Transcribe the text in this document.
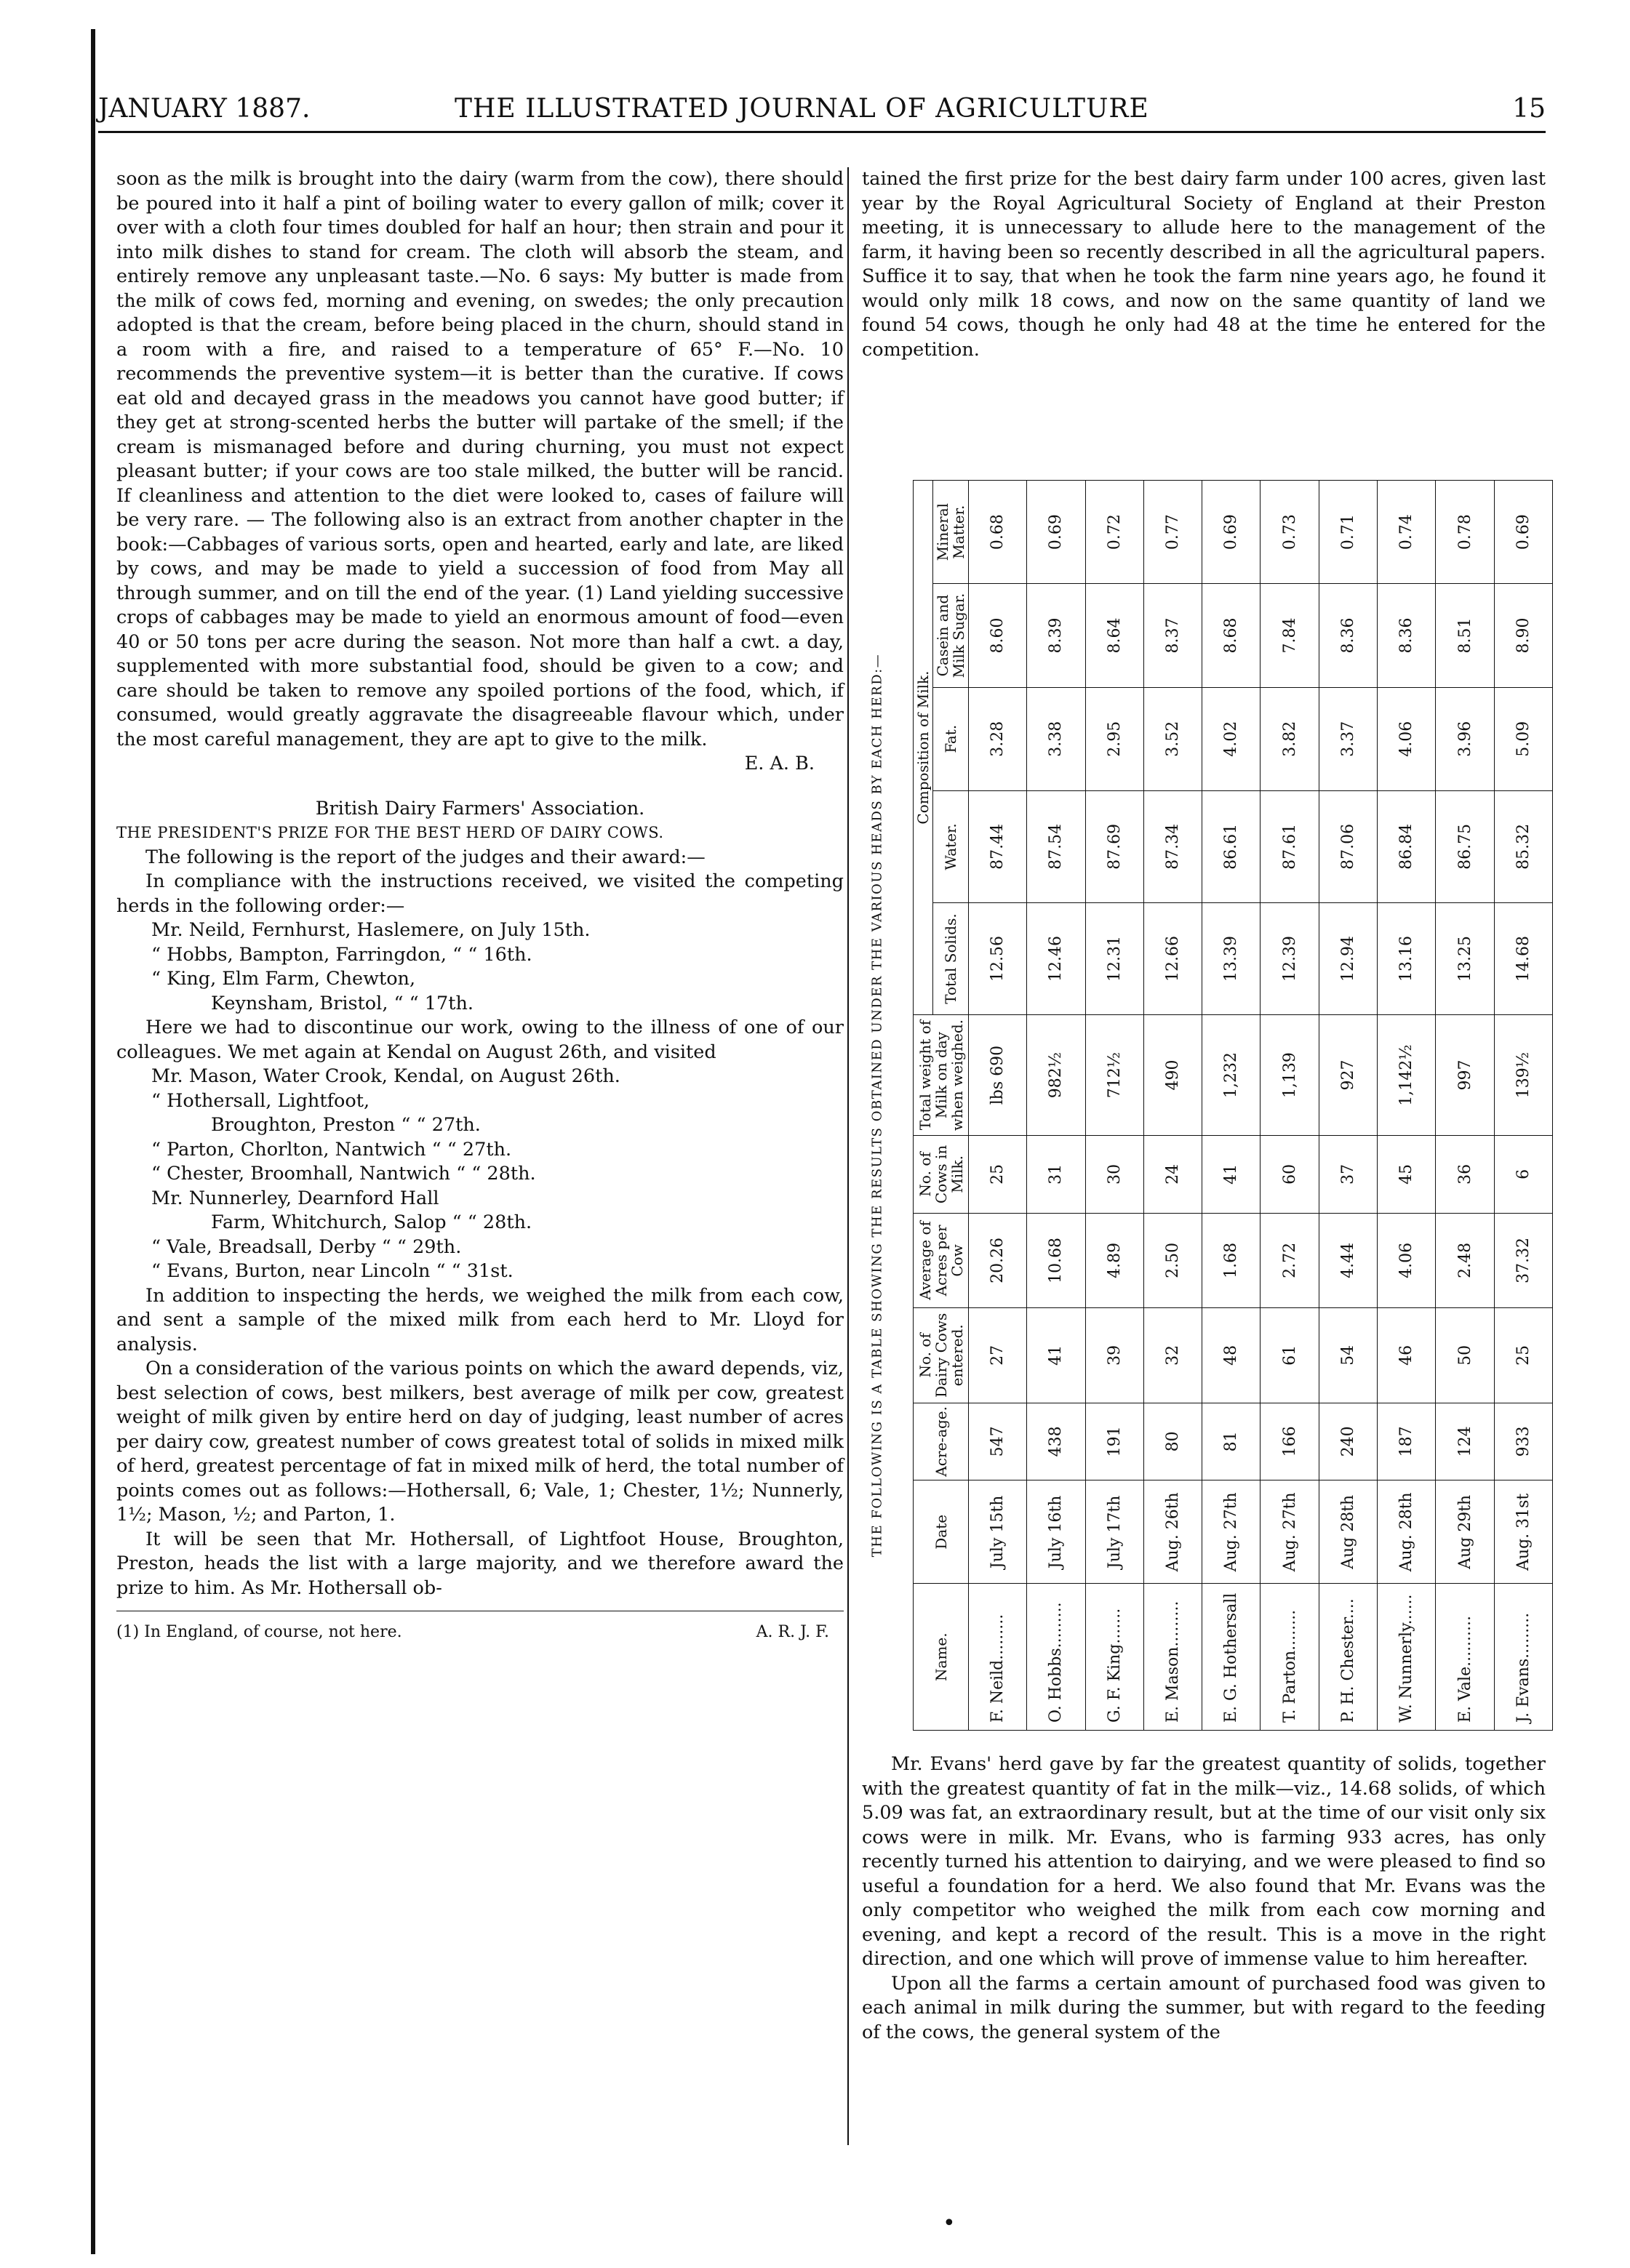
JANUARY 1887.	THE ILLUSTRATED JOURNAL OF AGRICULTURE	15

soon as the milk is brought into the dairy (warm from the cow), there should be poured into it half a pint of boiling water to every gallon of milk; cover it over with a cloth four times doubled for half an hour; then strain and pour it into milk dishes to stand for cream. The cloth will absorb the steam, and entirely remove any unpleasant taste.—No. 6 says: My butter is made from the milk of cows fed, morning and evening, on swedes; the only precaution adopted is that the cream, before being placed in the churn, should stand in a room with a fire, and raised to a temperature of 65° F.—No. 10 recommends the preventive system—it is better than the curative. If cows eat old and decayed grass in the meadows you cannot have good butter; if they get at strong-scented herbs the butter will partake of the smell; if the cream is mismanaged before and during churning, you must not expect pleasant butter; if your cows are too stale milked, the butter will be rancid. If cleanliness and attention to the diet were looked to, cases of failure will be very rare. — The following also is an extract from another chapter in the book:—Cabbages of various sorts, open and hearted, early and late, are liked by cows, and may be made to yield a succession of food from May all through summer, and on till the end of the year. (1) Land yielding successive crops of cabbages may be made to yield an enormous amount of food—even 40 or 50 tons per acre during the season. Not more than half a cwt. a day, supplemented with more substantial food, should be given to a cow; and care should be taken to remove any spoiled portions of the food, which, if consumed, would greatly aggravate the disagreeable flavour which, under the most careful management, they are apt to give to the milk.

E. A. B.

British Dairy Farmers' Association.

THE PRESIDENT'S PRIZE FOR THE BEST HERD OF DAIRY COWS.

The following is the report of the judges and their award:—

In compliance with the instructions received, we visited the competing herds in the following order:—

Mr. Neild, Fernhurst, Haslemere, on July 15th.

“ Hobbs, Bampton, Farringdon, “ “ 16th.

“ King, Elm Farm, Chewton,

Keynsham, Bristol, “ “ 17th.

Here we had to discontinue our work, owing to the illness of one of our colleagues. We met again at Kendal on August 26th, and visited

Mr. Mason, Water Crook, Kendal, on August 26th.

“ Hothersall, Lightfoot,

Broughton, Preston “ “ 27th.

“ Parton, Chorlton, Nantwich “ “ 27th.

“ Chester, Broomhall, Nantwich “ “ 28th.

Mr. Nunnerley, Dearnford Hall

Farm, Whitchurch, Salop “ “ 28th.

“ Vale, Breadsall, Derby “ “ 29th.

“ Evans, Burton, near Lincoln “ “ 31st.

In addition to inspecting the herds, we weighed the milk from each cow, and sent a sample of the mixed milk from each herd to Mr. Lloyd for analysis.

On a consideration of the various points on which the award depends, viz, best selection of cows, best milkers, best average of milk per cow, greatest weight of milk given by entire herd on day of judging, least number of acres per dairy cow, greatest number of cows greatest total of solids in mixed milk of herd, greatest percentage of fat in mixed milk of herd, the total number of points comes out as follows:—Hothersall, 6; Vale, 1; Chester, 1½; Nunnerly, 1½; Mason, ½; and Parton, 1.

It will be seen that Mr. Hothersall, of Lightfoot House, Broughton, Preston, heads the list with a large majority, and we therefore award the prize to him. As Mr. Hothersall ob-

(1) In England, of course, not here.	A. R. J. F.

tained the first prize for the best dairy farm under 100 acres, given last year by the Royal Agricultural Society of England at their Preston meeting, it is unnecessary to allude here to the management of the farm, it having been so recently described in all the agricultural papers. Suffice it to say, that when he took the farm nine years ago, he found it would only milk 18 cows, and now on the same quantity of land we found 54 cows, though he only had 48 at the time he entered for the competition.

THE FOLLOWING IS A TABLE SHOWING THE RESULTS OBTAINED UNDER THE VARIOUS HEADS BY EACH HERD:—
Name.	Date	Acre-age.	No. of Dairy Cows entered.	Average of Acres per Cow	No. of Cows in Milk.	Total weight of Milk on day when weighed.	Composition of Milk.				
							Total Solids.	Water.	Fat.	Casein and Milk Sugar.	Mineral Matter.
F. Neild.........	July 15th	547	27	20.26	25	lbs 690	12.56	87.44	3.28	8.60	0.68
O. Hobbs.........	July 16th	438	41	10.68	31	982½	12.46	87.54	3.38	8.39	0.69
G. F. King.......	July 17th	191	39	4.89	30	712½	12.31	87.69	2.95	8.64	0.72
E. Mason.........	Aug. 26th	80	32	2.50	24	490	12.66	87.34	3.52	8.37	0.77
E. G. Hothersall	Aug. 27th	81	48	1.68	41	1,232	13.39	86.61	4.02	8.68	0.69
T. Parton........	Aug. 27th	166	61	2.72	60	1,139	12.39	87.61	3.82	7.84	0.73
P. H. Chester....	Aug 28th	240	54	4.44	37	927	12.94	87.06	3.37	8.36	0.71
W. Nunnerly......	Aug. 28th	187	46	4.06	45	1,142½	13.16	86.84	4.06	8.36	0.74
E. Vale..........	Aug 29th	124	50	2.48	36	997	13.25	86.75	3.96	8.51	0.78
J. Evans.........	Aug. 31st	933	25	37.32	6	139½	14.68	85.32	5.09	8.90	0.69

Mr. Evans' herd gave by far the greatest quantity of solids, together with the greatest quantity of fat in the milk—viz., 14.68 solids, of which 5.09 was fat, an extraordinary result, but at the time of our visit only six cows were in milk. Mr. Evans, who is farming 933 acres, has only recently turned his attention to dairying, and we were pleased to find so useful a foundation for a herd. We also found that Mr. Evans was the only competitor who weighed the milk from each cow morning and evening, and kept a record of the result. This is a move in the right direction, and one which will prove of immense value to him hereafter.

Upon all the farms a certain amount of purchased food was given to each animal in milk during the summer, but with regard to the feeding of the cows, the general system of the

•
